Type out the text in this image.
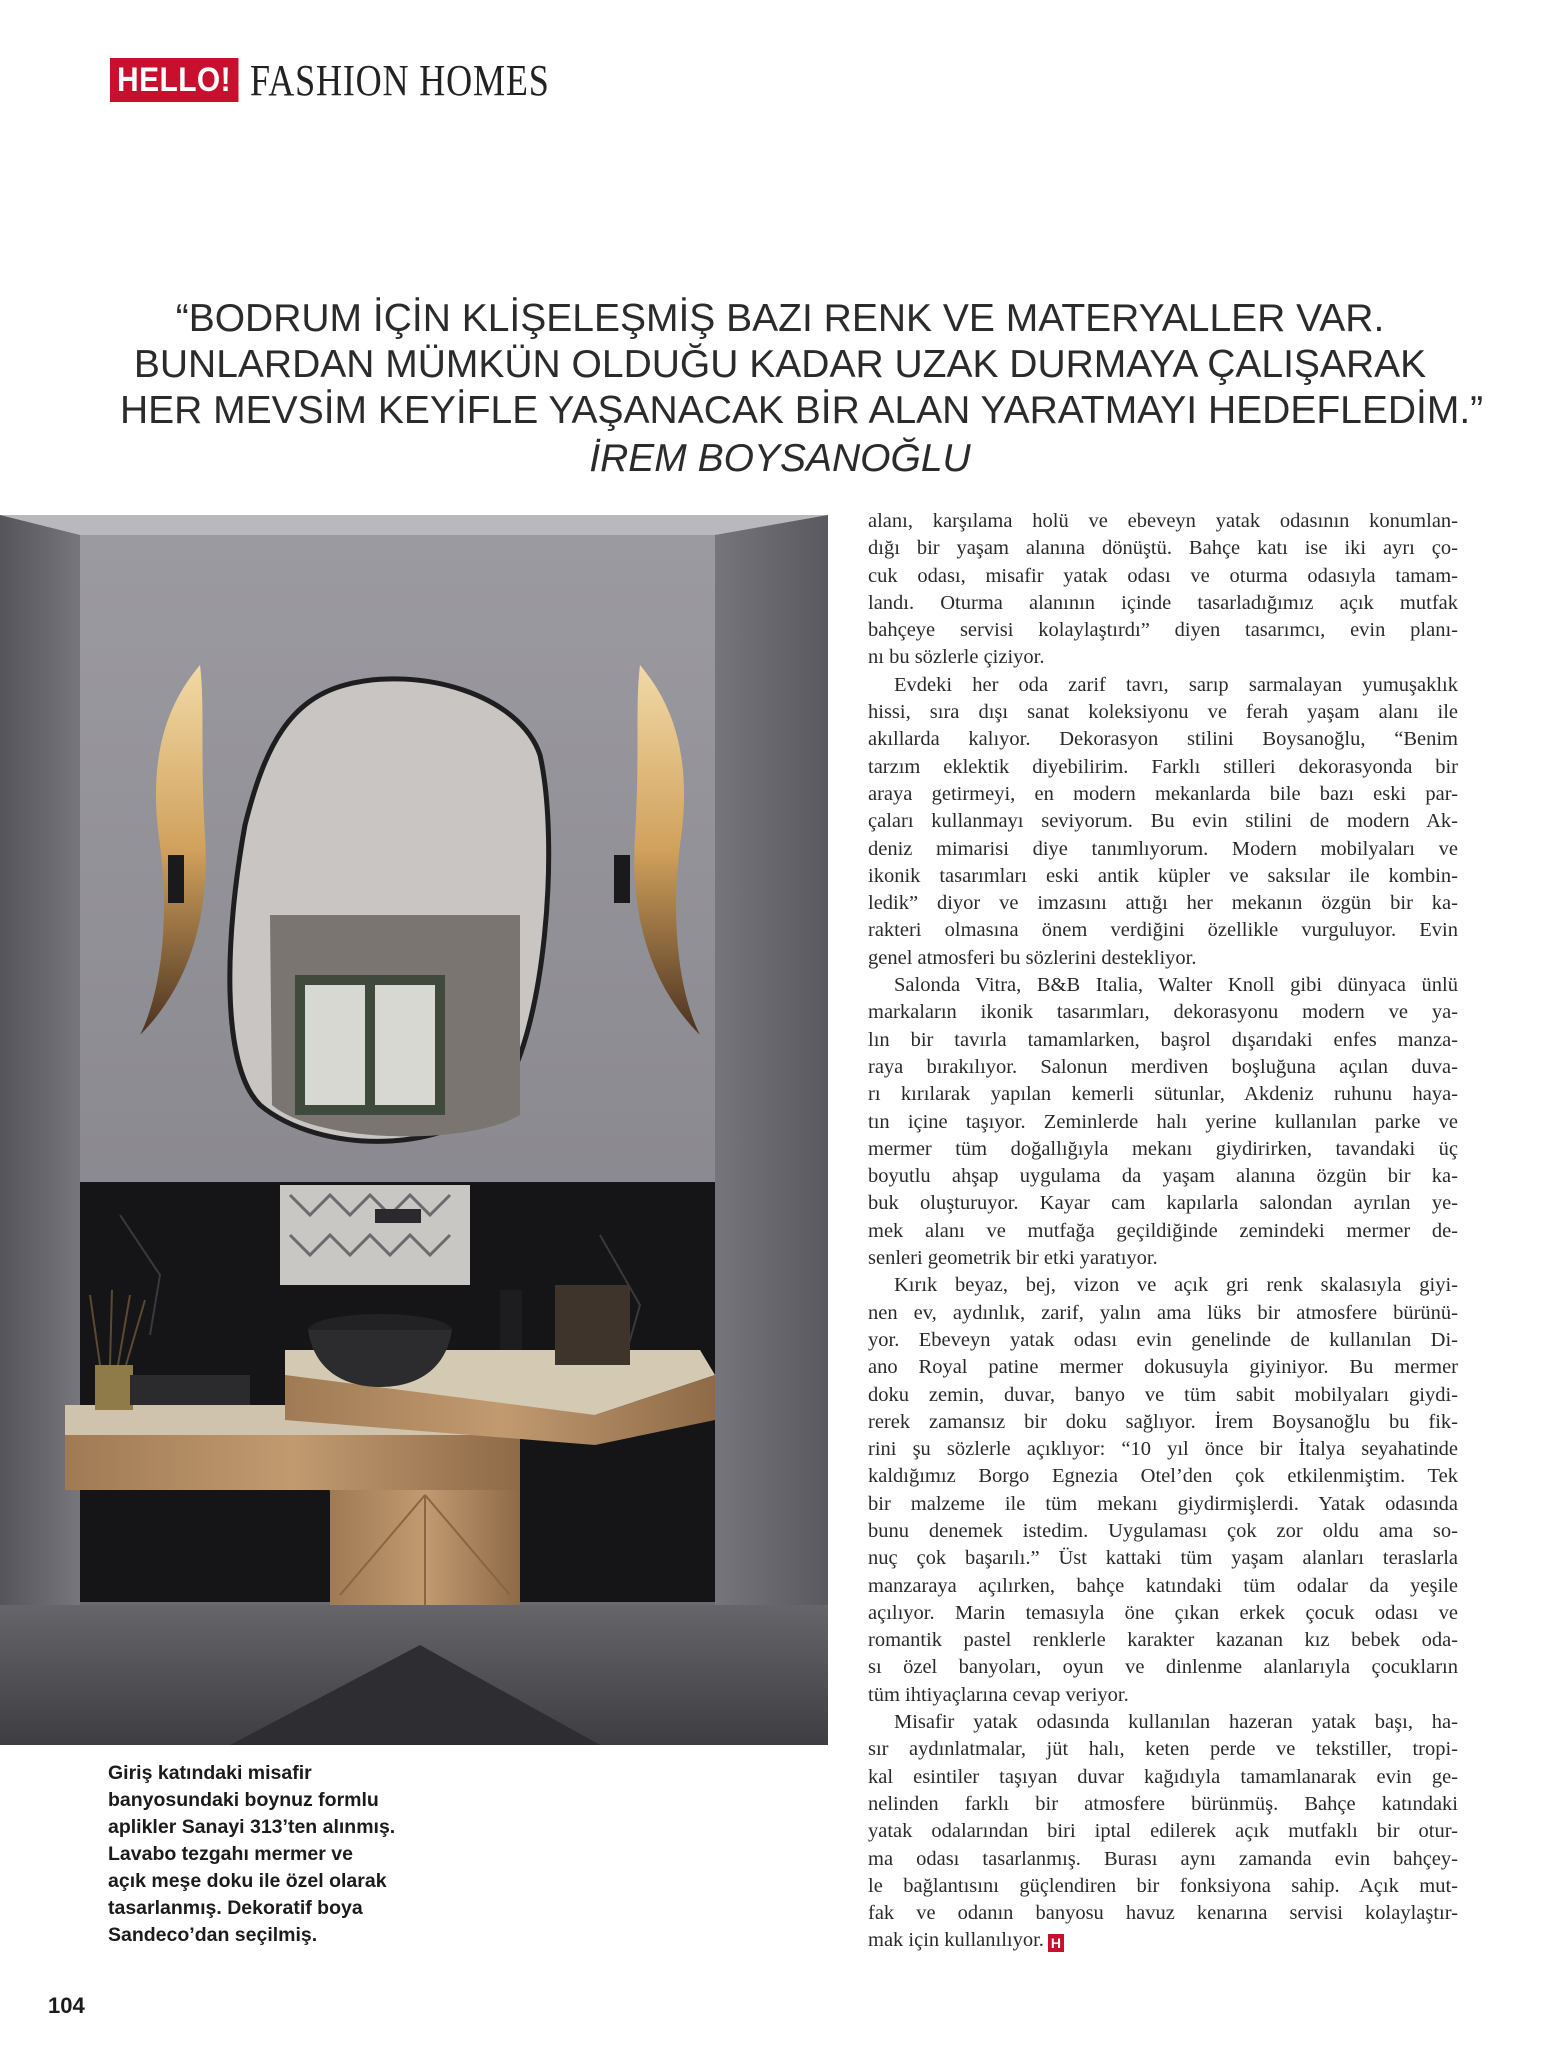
HELLO! FASHION HOMES
“BODRUM İÇİN KLİŞELEŞMİŞ BAZI RENK VE MATERYALLER VAR.
BUNLARDAN MÜMKÜN OLDUĞU KADAR UZAK DURMAYA ÇALIŞARAK
HER MEVSİM KEYİFLE YAŞANACAK BİR ALAN YARATMAYI HEDEFLEDİM.”
İREM BOYSANOĞLU
Giriş katındaki misafir
banyosundaki boynuz formlu
aplikler Sanayi 313’ten alınmış.
Lavabo tezgahı mermer ve
açık meşe doku ile özel olarak
tasarlanmış. Dekoratif boya
Sandeco’dan seçilmiş.
104
alanı, karşılama holü ve ebeveyn yatak odasının konumlan-
dığı bir yaşam alanına dönüştü. Bahçe katı ise iki ayrı ço-
cuk odası, misafir yatak odası ve oturma odasıyla tamam-
landı. Oturma alanının içinde tasarladığımız açık mutfak
bahçeye servisi kolaylaştırdı” diyen tasarımcı, evin planı-
nı bu sözlerle çiziyor.
Evdeki her oda zarif tavrı, sarıp sarmalayan yumuşaklık
hissi, sıra dışı sanat koleksiyonu ve ferah yaşam alanı ile
akıllarda kalıyor. Dekorasyon stilini Boysanoğlu, “Benim
tarzım eklektik diyebilirim. Farklı stilleri dekorasyonda bir
araya getirmeyi, en modern mekanlarda bile bazı eski par-
çaları kullanmayı seviyorum. Bu evin stilini de modern Ak-
deniz mimarisi diye tanımlıyorum. Modern mobilyaları ve
ikonik tasarımları eski antik küpler ve saksılar ile kombin-
ledik” diyor ve imzasını attığı her mekanın özgün bir ka-
rakteri olmasına önem verdiğini özellikle vurguluyor. Evin
genel atmosferi bu sözlerini destekliyor.
Salonda Vitra, B&B Italia, Walter Knoll gibi dünyaca ünlü
markaların ikonik tasarımları, dekorasyonu modern ve ya-
lın bir tavırla tamamlarken, başrol dışarıdaki enfes manza-
raya bırakılıyor. Salonun merdiven boşluğuna açılan duva-
rı kırılarak yapılan kemerli sütunlar, Akdeniz ruhunu haya-
tın içine taşıyor. Zeminlerde halı yerine kullanılan parke ve
mermer tüm doğallığıyla mekanı giydirirken, tavandaki üç
boyutlu ahşap uygulama da yaşam alanına özgün bir ka-
buk oluşturuyor. Kayar cam kapılarla salondan ayrılan ye-
mek alanı ve mutfağa geçildiğinde zemindeki mermer de-
senleri geometrik bir etki yaratıyor.
Kırık beyaz, bej, vizon ve açık gri renk skalasıyla giyi-
nen ev, aydınlık, zarif, yalın ama lüks bir atmosfere bürünü-
yor. Ebeveyn yatak odası evin genelinde de kullanılan Di-
ano Royal patine mermer dokusuyla giyiniyor. Bu mermer
doku zemin, duvar, banyo ve tüm sabit mobilyaları giydi-
rerek zamansız bir doku sağlıyor. İrem Boysanoğlu bu fik-
rini şu sözlerle açıklıyor: “10 yıl önce bir İtalya seyahatinde
kaldığımız Borgo Egnezia Otel’den çok etkilenmiştim. Tek
bir malzeme ile tüm mekanı giydirmişlerdi. Yatak odasında
bunu denemek istedim. Uygulaması çok zor oldu ama so-
nuç çok başarılı.” Üst kattaki tüm yaşam alanları teraslarla
manzaraya açılırken, bahçe katındaki tüm odalar da yeşile
açılıyor. Marin temasıyla öne çıkan erkek çocuk odası ve
romantik pastel renklerle karakter kazanan kız bebek oda-
sı özel banyoları, oyun ve dinlenme alanlarıyla çocukların
tüm ihtiyaçlarına cevap veriyor.
Misafir yatak odasında kullanılan hazeran yatak başı, ha-
sır aydınlatmalar, jüt halı, keten perde ve tekstiller, tropi-
kal esintiler taşıyan duvar kağıdıyla tamamlanarak evin ge-
nelinden farklı bir atmosfere bürünmüş. Bahçe katındaki
yatak odalarından biri iptal edilerek açık mutfaklı bir otur-
ma odası tasarlanmış. Burası aynı zamanda evin bahçey-
le bağlantısını güçlendiren bir fonksiyona sahip. Açık mut-
fak ve odanın banyosu havuz kenarına servisi kolaylaştır-
mak için kullanılıyor. H
